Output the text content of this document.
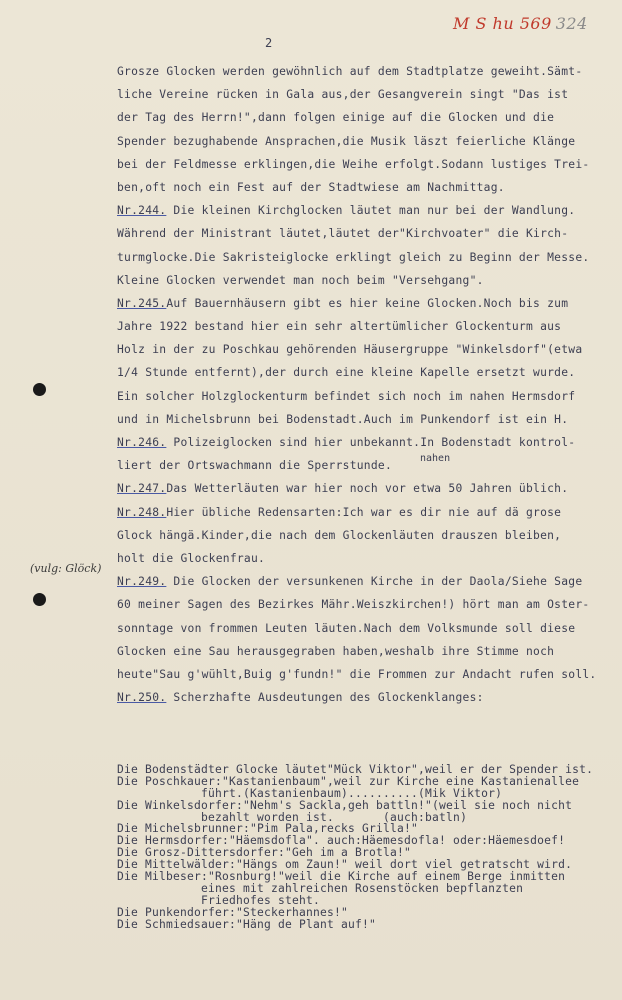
M S hu 569 324
2
(vulg: Glöck)
nahen
Grosze Glocken werden gewöhnlich auf dem Stadtplatze geweiht.Sämt-
liche Vereine rücken in Gala aus,der Gesangverein singt "Das ist
der Tag des Herrn!",dann folgen einige auf die Glocken und die
Spender bezughabende Ansprachen,die Musik läszt feierliche Klänge
bei der Feldmesse erklingen,die Weihe erfolgt.Sodann lustiges Trei-
ben,oft noch ein Fest auf der Stadtwiese am Nachmittag.
Nr.244. Die kleinen Kirchglocken läutet man nur bei der Wandlung.
Während der Ministrant läutet,läutet der"Kirchvoater" die Kirch-
turmglocke.Die Sakristeiglocke erklingt gleich zu Beginn der Messe.
Kleine Glocken verwendet man noch beim "Versehgang".
Nr.245.Auf Bauernhäusern gibt es hier keine Glocken.Noch bis zum
Jahre 1922 bestand hier ein sehr altertümlicher Glockenturm aus
Holz in der zu Poschkau gehörenden Häusergruppe "Winkelsdorf"(etwa
1/4 Stunde entfernt),der durch eine kleine Kapelle ersetzt wurde.
Ein solcher Holzglockenturm befindet sich noch im nahen Hermsdorf
und in Michelsbrunn bei Bodenstadt.Auch im Punkendorf ist ein H.
Nr.246. Polizeiglocken sind hier unbekannt.In Bodenstadt kontrol-
liert der Ortswachmann die Sperrstunde.
Nr.247.Das Wetterläuten war hier noch vor etwa 50 Jahren üblich.
Nr.248.Hier übliche Redensarten:Ich war es dir nie auf dä grose
Glock hängä.Kinder,die nach dem Glockenläuten drauszen bleiben,
holt die Glockenfrau.
Nr.249. Die Glocken der versunkenen Kirche in der Daola/Siehe Sage
60 meiner Sagen des Bezirkes Mähr.Weiszkirchen!) hört man am Oster-
sonntage von frommen Leuten läuten.Nach dem Volksmunde soll diese
Glocken eine Sau herausgegraben haben,weshalb ihre Stimme noch
heute"Sau g'wühlt,Buig g'fundn!" die Frommen zur Andacht rufen soll.
Nr.250. Scherzhafte Ausdeutungen des Glockenklanges:
Die Bodenstädter Glocke läutet"Mück Viktor",weil er der Spender ist.
Die Poschkauer:"Kastanienbaum",weil zur Kirche eine Kastanienallee
führt.(Kastanienbaum)..........(Mik Viktor)
Die Winkelsdorfer:"Nehm's Sackla,geh battln!"(weil sie noch nicht
bezahlt worden ist.       (auch:batln)
Die Michelsbrunner:"Pim Pala,recks Grilla!"
Die Hermsdorfer:"Häemsdofla". auch:Häemesdofla! oder:Häemesdoef!
Die Grosz-Dittersdorfer:"Geh im a Brotla!"
Die Mittelwälder:"Hängs om Zaun!" weil dort viel getratscht wird.
Die Milbeser:"Rosnburg!"weil die Kirche auf einem Berge inmitten
eines mit zahlreichen Rosenstöcken bepflanzten
Friedhofes steht.
Die Punkendorfer:"Steckerhannes!"
Die Schmiedsauer:"Häng de Plant auf!"
